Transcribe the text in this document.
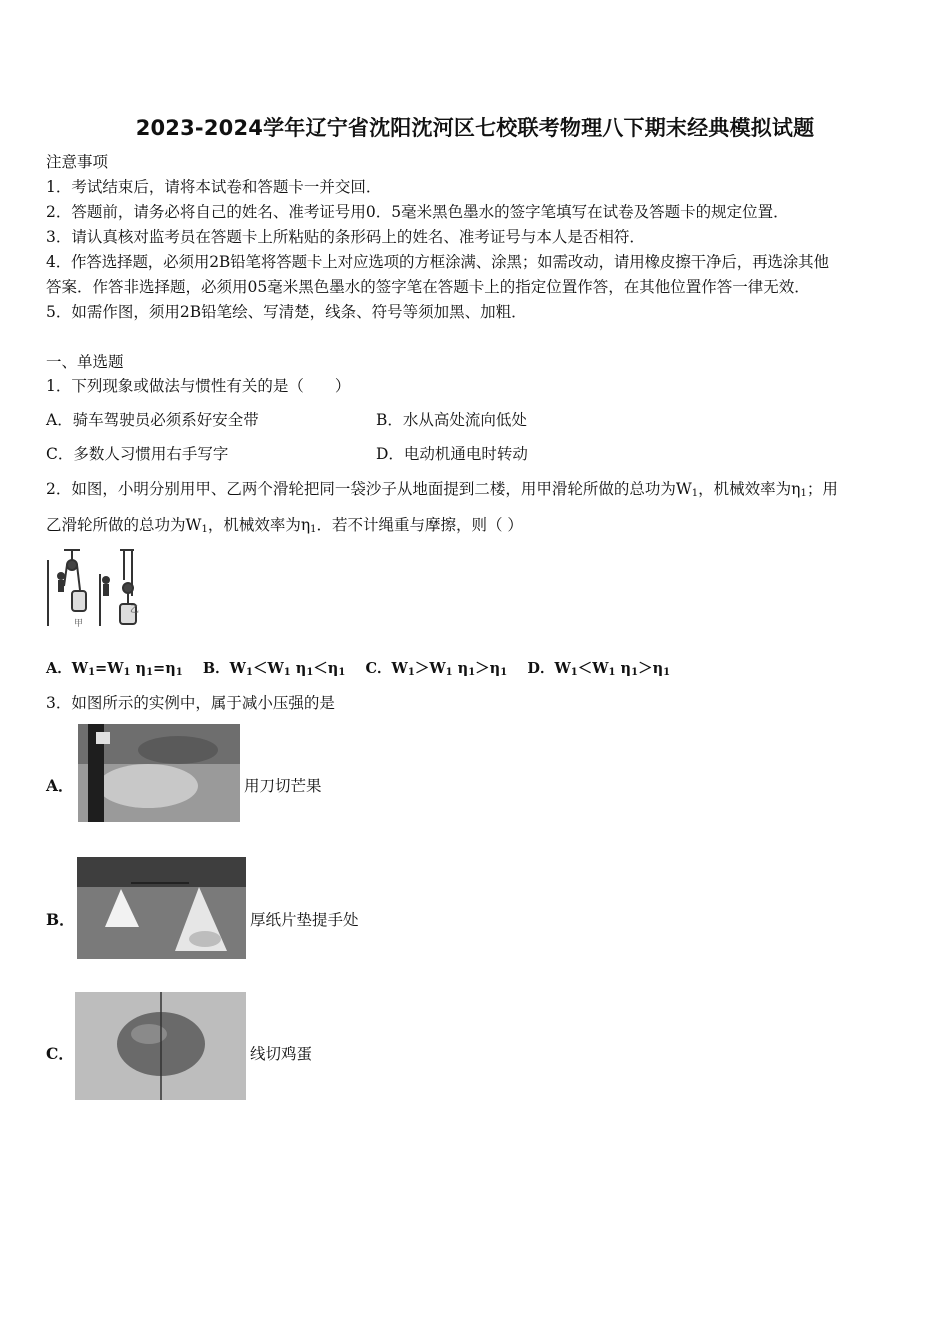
2023-2024学年辽宁省沈阳沈河区七校联考物理八下期末经典模拟试题
注意事项
1．考试结束后，请将本试卷和答题卡一并交回．
2．答题前，请务必将自己的姓名、准考证号用0．5毫米黑色墨水的签字笔填写在试卷及答题卡的规定位置．
3．请认真核对监考员在答题卡上所粘贴的条形码上的姓名、准考证号与本人是否相符．
4．作答选择题，必须用2B铅笔将答题卡上对应选项的方框涂满、涂黑；如需改动，请用橡皮擦干净后，再选涂其他
答案．作答非选择题，必须用05毫米黑色墨水的签字笔在答题卡上的指定位置作答，在其他位置作答一律无效．
5．如需作图，须用2B铅笔绘、写清楚，线条、符号等须加黑、加粗．
一、单选题
1．下列现象或做法与惯性有关的是（　　）
A．骑车驾驶员必须系好安全带	B．水从高处流向低处
C．多数人习惯用右手写字	D．电动机通电时转动
2．如图，小明分别用甲、乙两个滑轮把同一袋沙子从地面提到二楼，用甲滑轮所做的总功为$W_1$，机械效率为$\eta_1$；用
乙滑轮所做的总功为$W_1$，机械效率为$\eta_1$．若不计绳重与摩擦，则（ ）
甲
乙
A．$W_1=W_1$ $\eta_1=\eta_1$ B．$W_1<W_1$ $\eta_1<\eta_1$ C．$W_1>W_1$ $\eta_1>\eta_1$ D．$W_1<W_1$ $\eta_1>\eta_1$
3．如图所示的实例中，属于减小压强的是
A．	用刀切芒果
B．	厚纸片垫提手处
C．	线切鸡蛋
